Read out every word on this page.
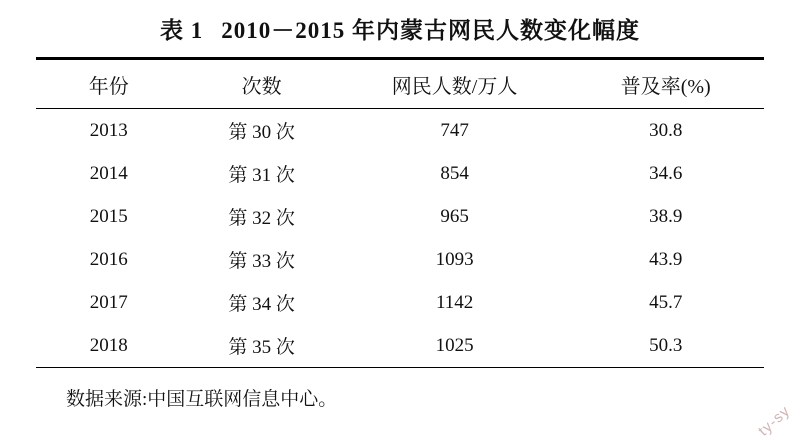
表 1 2010－2015 年内蒙古网民人数变化幅度
年份	次数	网民人数/万人	普及率(%)
2013	第 30 次	747	30.8
2014	第 31 次	854	34.6
2015	第 32 次	965	38.9
2016	第 33 次	1093	43.9
2017	第 34 次	1142	45.7
2018	第 35 次	1025	50.3

数据来源:中国互联网信息中心。
ty-sy
